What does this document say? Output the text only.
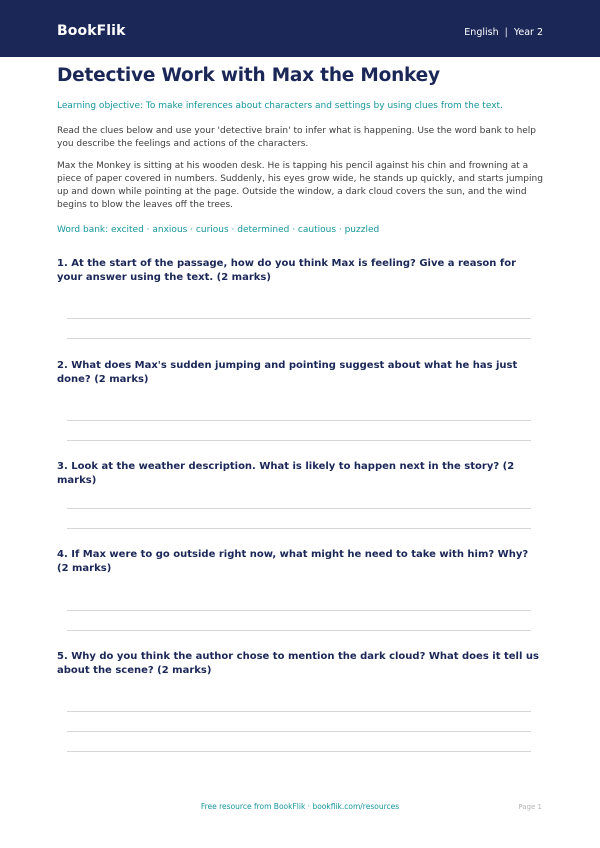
BookFlik	English | Year 2
Detective Work with Max the Monkey
Learning objective: To make inferences about characters and settings by using clues from the text.
Read the clues below and use your 'detective brain' to infer what is happening. Use the word bank to help you describe the feelings and actions of the characters.
Max the Monkey is sitting at his wooden desk. He is tapping his pencil against his chin and frowning at a piece of paper covered in numbers. Suddenly, his eyes grow wide, he stands up quickly, and starts jumping up and down while pointing at the page. Outside the window, a dark cloud covers the sun, and the wind begins to blow the leaves off the trees.
Word bank: excited · anxious · curious · determined · cautious · puzzled
1. At the start of the passage, how do you think Max is feeling? Give a reason for your answer using the text. (2 marks)
2. What does Max's sudden jumping and pointing suggest about what he has just done? (2 marks)
3. Look at the weather description. What is likely to happen next in the story? (2 marks)
4. If Max were to go outside right now, what might he need to take with him? Why? (2 marks)
5. Why do you think the author chose to mention the dark cloud? What does it tell us about the scene? (2 marks)
Free resource from BookFlik · bookflik.com/resources	Page 1
